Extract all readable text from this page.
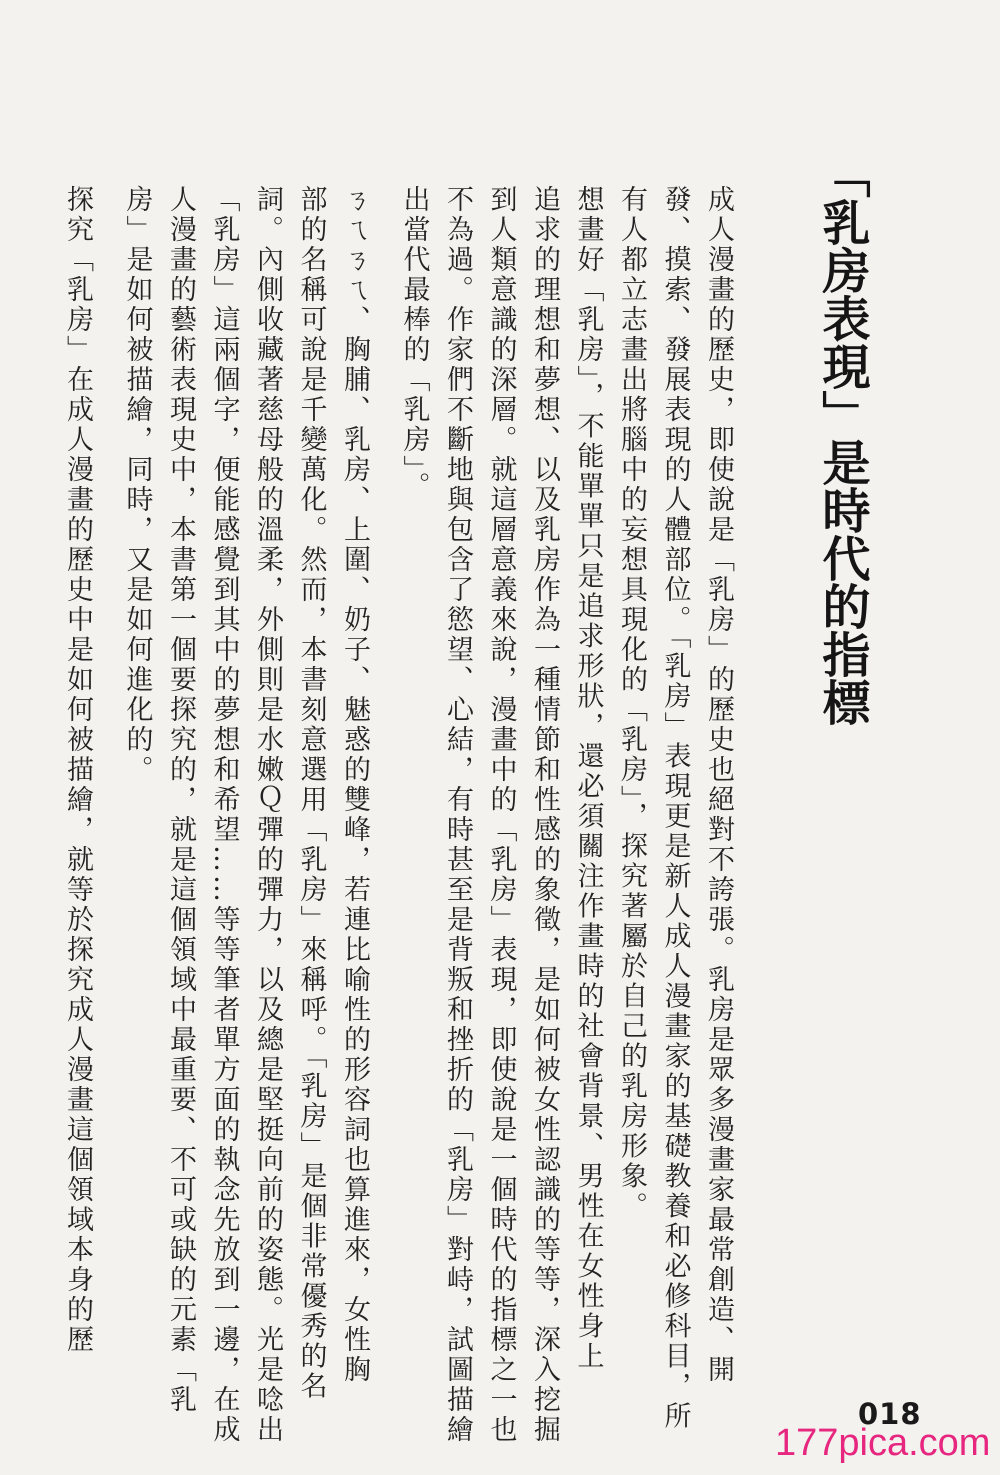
「乳房表現」是時代的指標
成人漫畫的歷史，即使說是「乳房」的歷史也絕對不誇張。乳房是眾多漫畫家最常創造、開
發、摸索、發展表現的人體部位。「乳房」表現更是新人成人漫畫家的基礎教養和必修科目，所
有人都立志畫出將腦中的妄想具現化的「乳房」，探究著屬於自己的乳房形象。
想畫好「乳房」，不能單單只是追求形狀，還必須關注作畫時的社會背景、男性在女性身上
追求的理想和夢想、以及乳房作為一種情節和性感的象徵，是如何被女性認識的等等，深入挖掘
到人類意識的深層。就這層意義來說，漫畫中的「乳房」表現，即使說是一個時代的指標之一也
不為過。作家們不斷地與包含了慾望、心結，有時甚至是背叛和挫折的「乳房」對峙，試圖描繪
出當代最棒的「乳房」。
ㄋㄟㄋㄟ、胸脯、乳房、上圍、奶子、魅惑的雙峰，若連比喻性的形容詞也算進來，女性胸
部的名稱可說是千變萬化。然而，本書刻意選用「乳房」來稱呼。「乳房」是個非常優秀的名
詞。內側收藏著慈母般的溫柔，外側則是水嫩Ｑ彈的彈力，以及總是堅挺向前的姿態。光是唸出
「乳房」這兩個字，便能感覺到其中的夢想和希望……等等筆者單方面的執念先放到一邊，在成
人漫畫的藝術表現史中，本書第一個要探究的，就是這個領域中最重要、不可或缺的元素「乳
房」是如何被描繪，同時，又是如何進化的。
探究「乳房」在成人漫畫的歷史中是如何被描繪，就等於探究成人漫畫這個領域本身的歷
018
177pica.com
